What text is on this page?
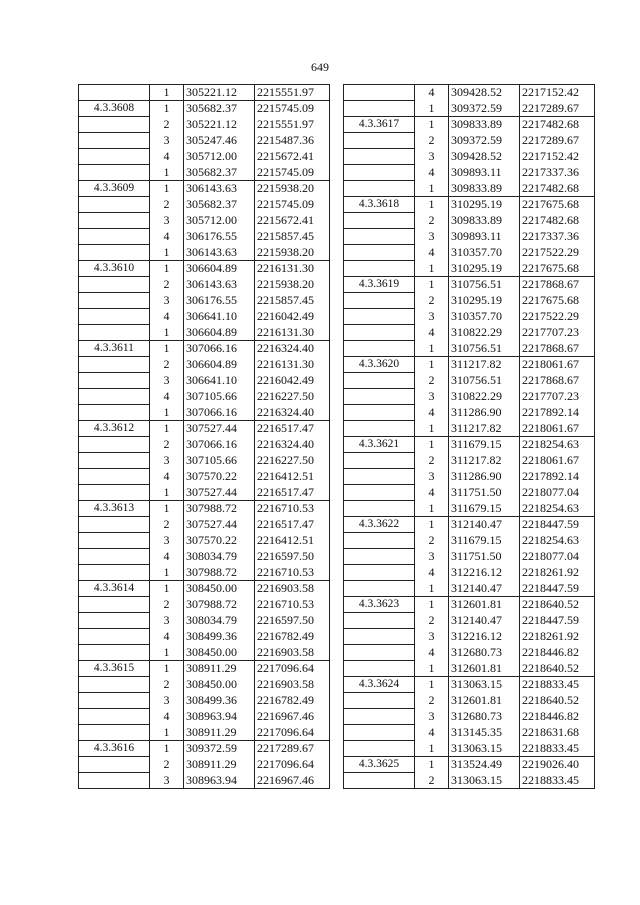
649
	1	305221.12	2215551.97
4.3.3608	1	305682.37	2215745.09
	2	305221.12	2215551.97
	3	305247.46	2215487.36
	4	305712.00	2215672.41
	1	305682.37	2215745.09
4.3.3609	1	306143.63	2215938.20
	2	305682.37	2215745.09
	3	305712.00	2215672.41
	4	306176.55	2215857.45
	1	306143.63	2215938.20
4.3.3610	1	306604.89	2216131.30
	2	306143.63	2215938.20
	3	306176.55	2215857.45
	4	306641.10	2216042.49
	1	306604.89	2216131.30
4.3.3611	1	307066.16	2216324.40
	2	306604.89	2216131.30
	3	306641.10	2216042.49
	4	307105.66	2216227.50
	1	307066.16	2216324.40
4.3.3612	1	307527.44	2216517.47
	2	307066.16	2216324.40
	3	307105.66	2216227.50
	4	307570.22	2216412.51
	1	307527.44	2216517.47
4.3.3613	1	307988.72	2216710.53
	2	307527.44	2216517.47
	3	307570.22	2216412.51
	4	308034.79	2216597.50
	1	307988.72	2216710.53
4.3.3614	1	308450.00	2216903.58
	2	307988.72	2216710.53
	3	308034.79	2216597.50
	4	308499.36	2216782.49
	1	308450.00	2216903.58
4.3.3615	1	308911.29	2217096.64
	2	308450.00	2216903.58
	3	308499.36	2216782.49
	4	308963.94	2216967.46
	1	308911.29	2217096.64
4.3.3616	1	309372.59	2217289.67
	2	308911.29	2217096.64
	3	308963.94	2216967.46
	4	309428.52	2217152.42
	1	309372.59	2217289.67
4.3.3617	1	309833.89	2217482.68
	2	309372.59	2217289.67
	3	309428.52	2217152.42
	4	309893.11	2217337.36
	1	309833.89	2217482.68
4.3.3618	1	310295.19	2217675.68
	2	309833.89	2217482.68
	3	309893.11	2217337.36
	4	310357.70	2217522.29
	1	310295.19	2217675.68
4.3.3619	1	310756.51	2217868.67
	2	310295.19	2217675.68
	3	310357.70	2217522.29
	4	310822.29	2217707.23
	1	310756.51	2217868.67
4.3.3620	1	311217.82	2218061.67
	2	310756.51	2217868.67
	3	310822.29	2217707.23
	4	311286.90	2217892.14
	1	311217.82	2218061.67
4.3.3621	1	311679.15	2218254.63
	2	311217.82	2218061.67
	3	311286.90	2217892.14
	4	311751.50	2218077.04
	1	311679.15	2218254.63
4.3.3622	1	312140.47	2218447.59
	2	311679.15	2218254.63
	3	311751.50	2218077.04
	4	312216.12	2218261.92
	1	312140.47	2218447.59
4.3.3623	1	312601.81	2218640.52
	2	312140.47	2218447.59
	3	312216.12	2218261.92
	4	312680.73	2218446.82
	1	312601.81	2218640.52
4.3.3624	1	313063.15	2218833.45
	2	312601.81	2218640.52
	3	312680.73	2218446.82
	4	313145.35	2218631.68
	1	313063.15	2218833.45
4.3.3625	1	313524.49	2219026.40
	2	313063.15	2218833.45
